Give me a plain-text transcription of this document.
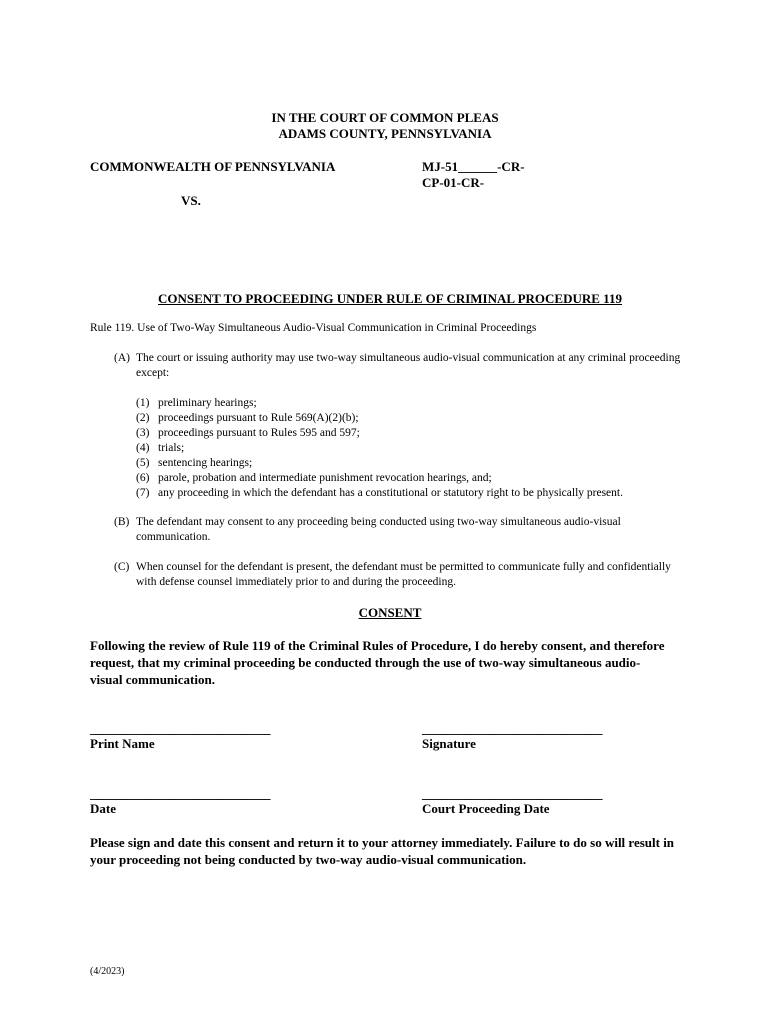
IN THE COURT OF COMMON PLEAS
ADAMS COUNTY, PENNSYLVANIA
COMMONWEALTH OF PENNSYLVANIA	MJ-51______-CR-
CP-01-CR-
VS.
CONSENT TO PROCEEDING UNDER RULE OF CRIMINAL PROCEDURE 119
Rule 119. Use of Two-Way Simultaneous Audio-Visual Communication in Criminal Proceedings
(A) The court or issuing authority may use two-way simultaneous audio-visual communication at any criminal proceeding except:
(1) preliminary hearings;
(2) proceedings pursuant to Rule 569(A)(2)(b);
(3) proceedings pursuant to Rules 595 and 597;
(4) trials;
(5) sentencing hearings;
(6) parole, probation and intermediate punishment revocation hearings, and;
(7) any proceeding in which the defendant has a constitutional or statutory right to be physically present.
(B) The defendant may consent to any proceeding being conducted using two-way simultaneous audio-visual communication.
(C) When counsel for the defendant is present, the defendant must be permitted to communicate fully and confidentially with defense counsel immediately prior to and during the proceeding.
CONSENT
Following the review of Rule 119 of the Criminal Rules of Procedure, I do hereby consent, and therefore request, that my criminal proceeding be conducted through the use of two-way simultaneous audio-visual communication.
______________________________
Print Name
______________________________
Signature
______________________________
Date
______________________________
Court Proceeding Date
Please sign and date this consent and return it to your attorney immediately. Failure to do so will result in your proceeding not being conducted by two-way audio-visual communication.
(4/2023)
